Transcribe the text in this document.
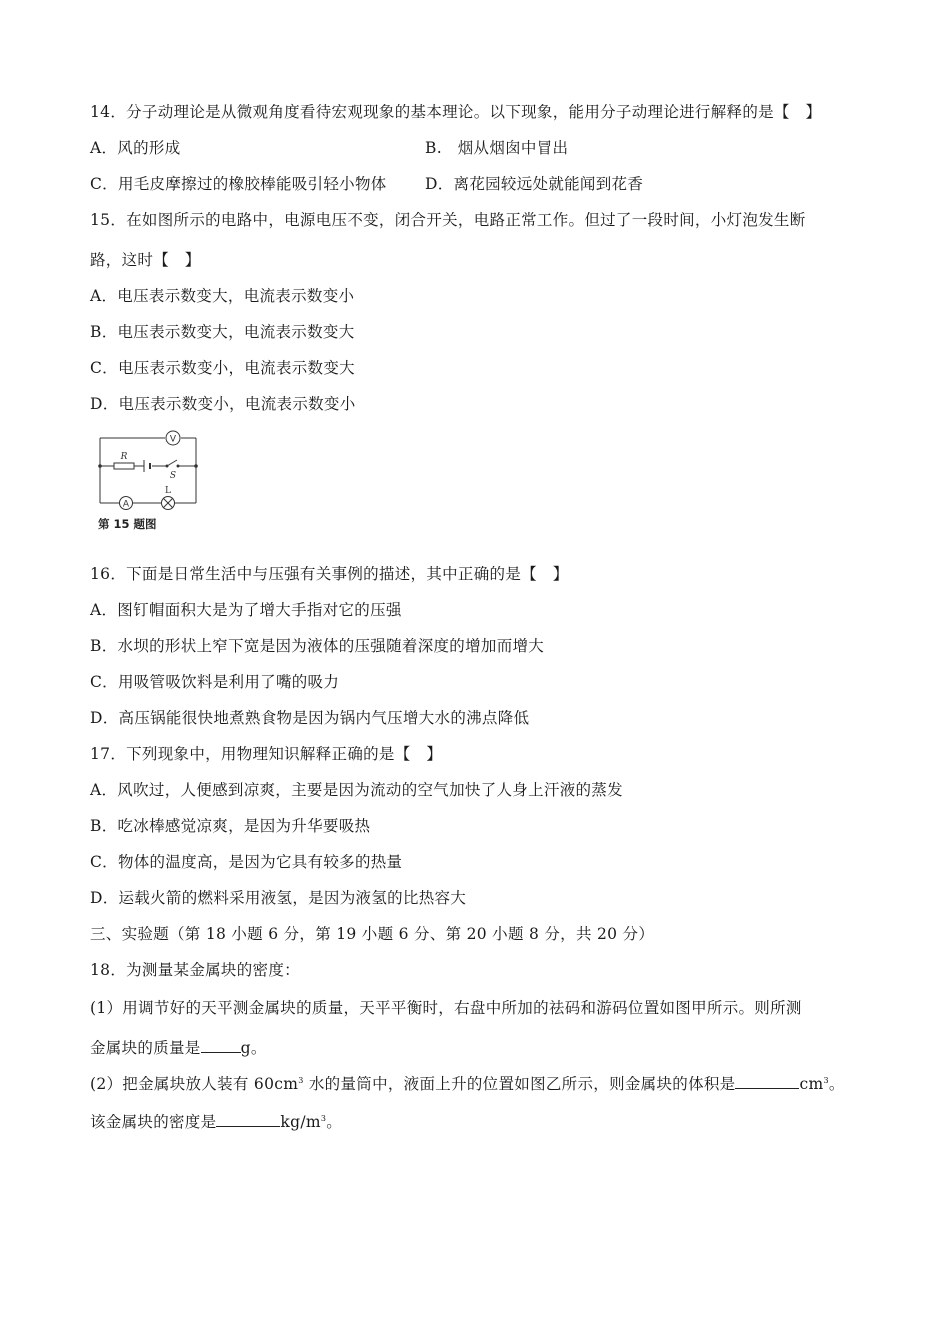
14．分子动理论是从微观角度看待宏观现象的基本理论。以下现象，能用分子动理论进行解释的是【　】
A．风的形成	B.　烟从烟囱中冒出
C．用毛皮摩擦过的橡胶棒能吸引轻小物体 D．离花园较远处就能闻到花香
15．在如图所示的电路中，电源电压不变，闭合开关，电路正常工作。但过了一段时间，小灯泡发生断
路，这时【　】
A．电压表示数变大，电流表示数变小
B．电压表示数变大，电流表示数变大
C．电压表示数变小，电流表示数变大
D．电压表示数变小，电流表示数变小
V
R
S
A
L
第 15 题图
16．下面是日常生活中与压强有关事例的描述，其中正确的是【　】
A．图钉帽面积大是为了增大手指对它的压强
B．水坝的形状上窄下宽是因为液体的压强随着深度的增加而增大
C．用吸管吸饮料是利用了嘴的吸力
D．高压锅能很快地煮熟食物是因为锅内气压增大水的沸点降低
17．下列现象中，用物理知识解释正确的是【　】
A．风吹过，人便感到凉爽，主要是因为流动的空气加快了人身上汗液的蒸发
B．吃冰棒感觉凉爽，是因为升华要吸热
C．物体的温度高，是因为它具有较多的热量
D．运载火箭的燃料采用液氢，是因为液氢的比热容大
三、实验题（第 18 小题 6 分，第 19 小题 6 分、第 20 小题 8 分，共 20 分）
18．为测量某金属块的密度：
(1）用调节好的天平测金属块的质量，天平平衡时，右盘中所加的祛码和游码位置如图甲所示。则所测
金属块的质量是	g。
(2）把金属块放人装有 $60cm^3$ 水的量筒中，液面上升的位置如图乙所示，则金属块的体积是	$cm^3$。
该金属块的密度是	$kg/m^3$。
